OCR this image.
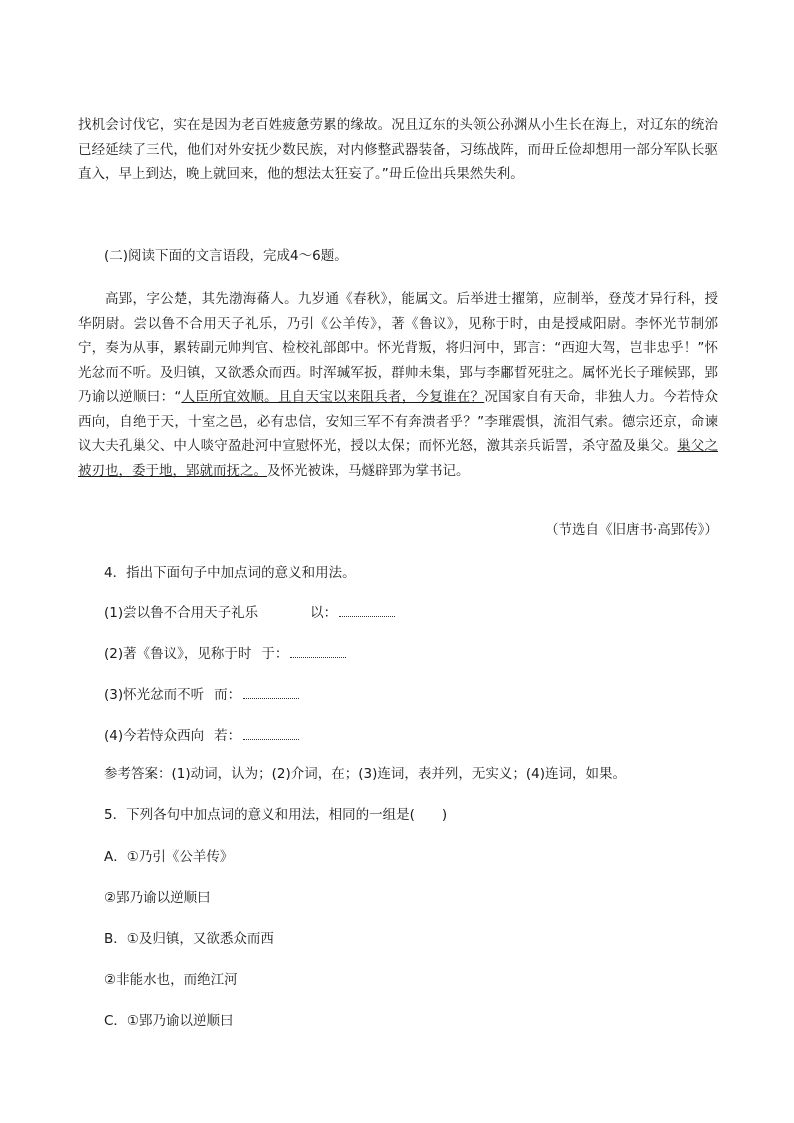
找机会讨伐它，实在是因为老百姓疲惫劳累的缘故。况且辽东的头领公孙渊从小生长在海上，对辽东的统治已经延续了三代，他们对外安抚少数民族，对内修整武器装备，习练战阵，而毌丘俭却想用一部分军队长驱直入，早上到达，晚上就回来，他的想法太狂妄了。”毌丘俭出兵果然失利。
(二)阅读下面的文言语段，完成4～6题。
高郢，字公楚，其先渤海蓨人。九岁通《春秋》，能属文。后举进士擢第，应制举，登茂才异行科，授华阴尉。尝以鲁不合用天子礼乐，乃引《公羊传》，著《鲁议》，见称于时，由是授咸阳尉。李怀光节制邠宁，奏为从事，累转副元帅判官、检校礼部郎中。怀光背叛，将归河中，郢言：“西迎大驾，岂非忠乎！”怀光忿而不听。及归镇，又欲悉众而西。时浑瑊军扳，群帅未集，郢与李鄘晢死驻之。属怀光长子璀候郢，郢乃谕以逆顺曰：“人臣所宜效顺。且自天宝以来阻兵者，今复谁在？况国家自有天命，非独人力。今若恃众西向，自绝于天，十室之邑，必有忠信，安知三军不有奔溃者乎？”李璀震惧，流泪气索。德宗还京，命谏议大夫孔巢父、中人啖守盈赴河中宣慰怀光，授以太保；而怀光怒，激其亲兵诟詈，杀守盈及巢父。巢父之被刃也，委于地，郢就而抚之。及怀光被诛，马燧辟郢为掌书记。
（节选自《旧唐书·高郢传》）
4．指出下面句子中加点词的意义和用法。
(1)尝以鲁不合用天子礼乐	以：
(2)著《鲁议》，见称于时 于：
(3)怀光忿而不听 而：
(4)今若恃众西向 若：
参考答案：(1)动词，认为；(2)介词，在；(3)连词，表并列，无实义；(4)连词，如果。
5．下列各句中加点词的意义和用法，相同的一组是(　　)
A．①乃引《公羊传》
②郢乃谕以逆顺曰
B．①及归镇，又欲悉众而西
②非能水也，而绝江河
C．①郢乃谕以逆顺曰
